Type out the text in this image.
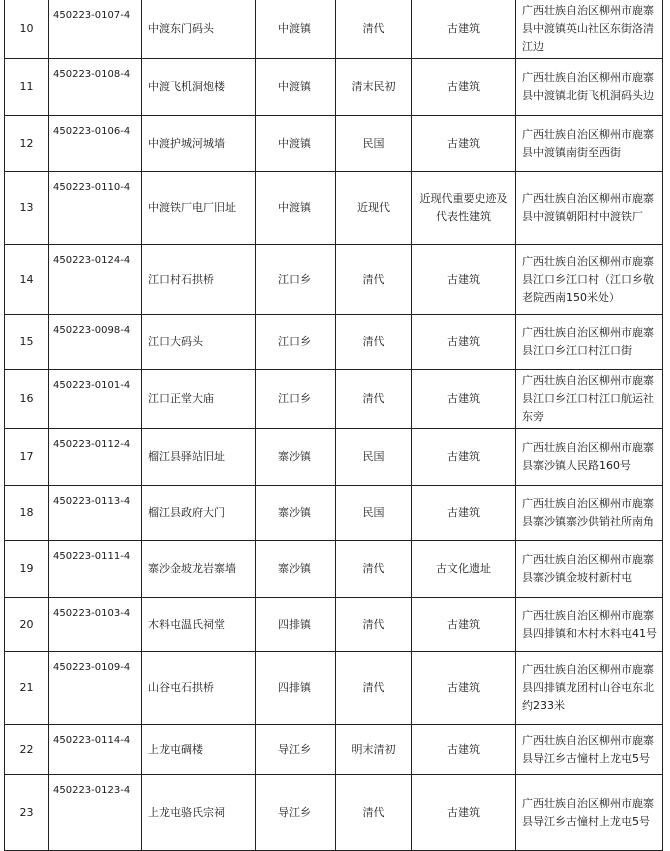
10	450223-0107-4	中渡东门码头	中渡镇	清代	古建筑	广西壮族自治区柳州市鹿寨县中渡镇英山社区东街洛清江边
11	450223-0108-4	中渡飞机洞炮楼	中渡镇	清末民初	古建筑	广西壮族自治区柳州市鹿寨县中渡镇北街飞机洞码头边
12	450223-0106-4	中渡护城河城墙	中渡镇	民国	古建筑	广西壮族自治区柳州市鹿寨县中渡镇南街至西街
13	450223-0110-4	中渡铁厂电厂旧址	中渡镇	近现代	近现代重要史迹及代表性建筑	广西壮族自治区柳州市鹿寨县中渡镇朝阳村中渡铁厂
14	450223-0124-4	江口村石拱桥	江口乡	清代	古建筑	广西壮族自治区柳州市鹿寨县江口乡江口村（江口乡敬老院西南150米处）
15	450223-0098-4	江口大码头	江口乡	清代	古建筑	广西壮族自治区柳州市鹿寨县江口乡江口村江口街
16	450223-0101-4	江口正堂大庙	江口乡	清代	古建筑	广西壮族自治区柳州市鹿寨县江口乡江口村江口航运社东旁
17	450223-0112-4	榴江县驿站旧址	寨沙镇	民国	古建筑	广西壮族自治区柳州市鹿寨县寨沙镇人民路160号
18	450223-0113-4	榴江县政府大门	寨沙镇	民国	古建筑	广西壮族自治区柳州市鹿寨县寨沙镇寨沙供销社所南角
19	450223-0111-4	寨沙金坡龙岩寨墙	寨沙镇	清代	古文化遗址	广西壮族自治区柳州市鹿寨县寨沙镇金坡村新村屯
20	450223-0103-4	木料屯温氏祠堂	四排镇	清代	古建筑	广西壮族自治区柳州市鹿寨县四排镇和木村木料屯41号
21	450223-0109-4	山谷屯石拱桥	四排镇	清代	古建筑	广西壮族自治区柳州市鹿寨县四排镇龙团村山谷屯东北约233米
22	450223-0114-4	上龙屯碉楼	导江乡	明末清初	古建筑	广西壮族自治区柳州市鹿寨县导江乡古憧村上龙屯5号
23	450223-0123-4	上龙屯骆氏宗祠	导江乡	清代	古建筑	广西壮族自治区柳州市鹿寨县导江乡古憧村上龙屯5号
